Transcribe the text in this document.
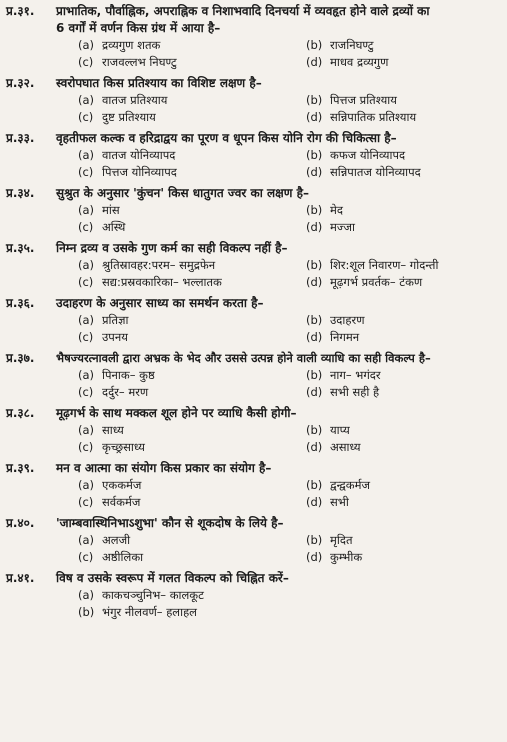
प्र.३१.	प्राभातिक, पौर्वाह्निक, अपराह्निक व निशाभवादि दिनचर्या में व्यवहृत होने वाले द्रव्यों का
6 वर्गों में वर्णन किस ग्रंथ में आया है–
(a) द्रव्यगुण शतक	(b) राजनिघण्टु
(c) राजवल्लभ निघण्टु	(d) माधव द्रव्यगुण
प्र.३२.	स्वरोपघात किस प्रतिश्याय का विशिष्ट लक्षण है–
(a) वातज प्रतिश्याय	(b) पित्तज प्रतिश्याय
(c) दुष्ट प्रतिश्याय	(d) सन्निपातिक प्रतिश्याय
प्र.३३.	वृहतीफल कल्क व हरिद्राद्वय का पूरण व धूपन किस योनि रोग की चिकित्सा है–
(a) वातज योनिव्यापद	(b) कफज योनिव्यापद
(c) पित्तज योनिव्यापद	(d) सन्निपातज योनिव्यापद
प्र.३४.	सुश्रुत के अनुसार 'कुंचन' किस धातुगत ज्वर का लक्षण है–
(a) मांस	(b) मेद
(c) अस्थि	(d) मज्जा
प्र.३५.	निम्न द्रव्य व उसके गुण कर्म का सही विकल्प नहीं है–
(a) श्रुतिस्रावहर:परम– समुद्रफेन	(b) शिर:शूल निवारण– गोदन्ती
(c) सद्य:प्रस्रवकारिका– भल्लातक	(d) मूढ़गर्भ प्रवर्तक– टंकण
प्र.३६.	उदाहरण के अनुसार साध्य का समर्थन करता है–
(a) प्रतिज्ञा	(b) उदाहरण
(c) उपनय	(d) निगमन
प्र.३७.	भैषज्यरत्नावली द्वारा अभ्रक के भेद और उससे उत्पन्न होने वाली व्याधि का सही विकल्प है–
(a) पिनाक– कुष्ठ	(b) नाग– भगंदर
(c) दर्दुर– मरण	(d) सभी सही है
प्र.३८.	मूढ़गर्भ के साथ मक्कल शूल होने पर व्याधि कैसी होगी–
(a) साध्य	(b) याप्य
(c) कृच्छ्रसाध्य	(d) असाध्य
प्र.३९.	मन व आत्मा का संयोग किस प्रकार का संयोग है–
(a) एककर्मज	(b) द्वन्द्वकर्मज
(c) सर्वकर्मज	(d) सभी
प्र.४०.	'जाम्बवास्थिनिभाऽशुभा' कौन से शूकदोष के लिये है–
(a) अलजी	(b) मृदित
(c) अष्ठीलिका	(d) कुम्भीक
प्र.४१.	विष व उसके स्वरूप में गलत विकल्प को चिह्नित करें–
(a) काकचञ्चुनिभ– कालकूट
(b) भंगुर नीलवर्ण– हलाहल
